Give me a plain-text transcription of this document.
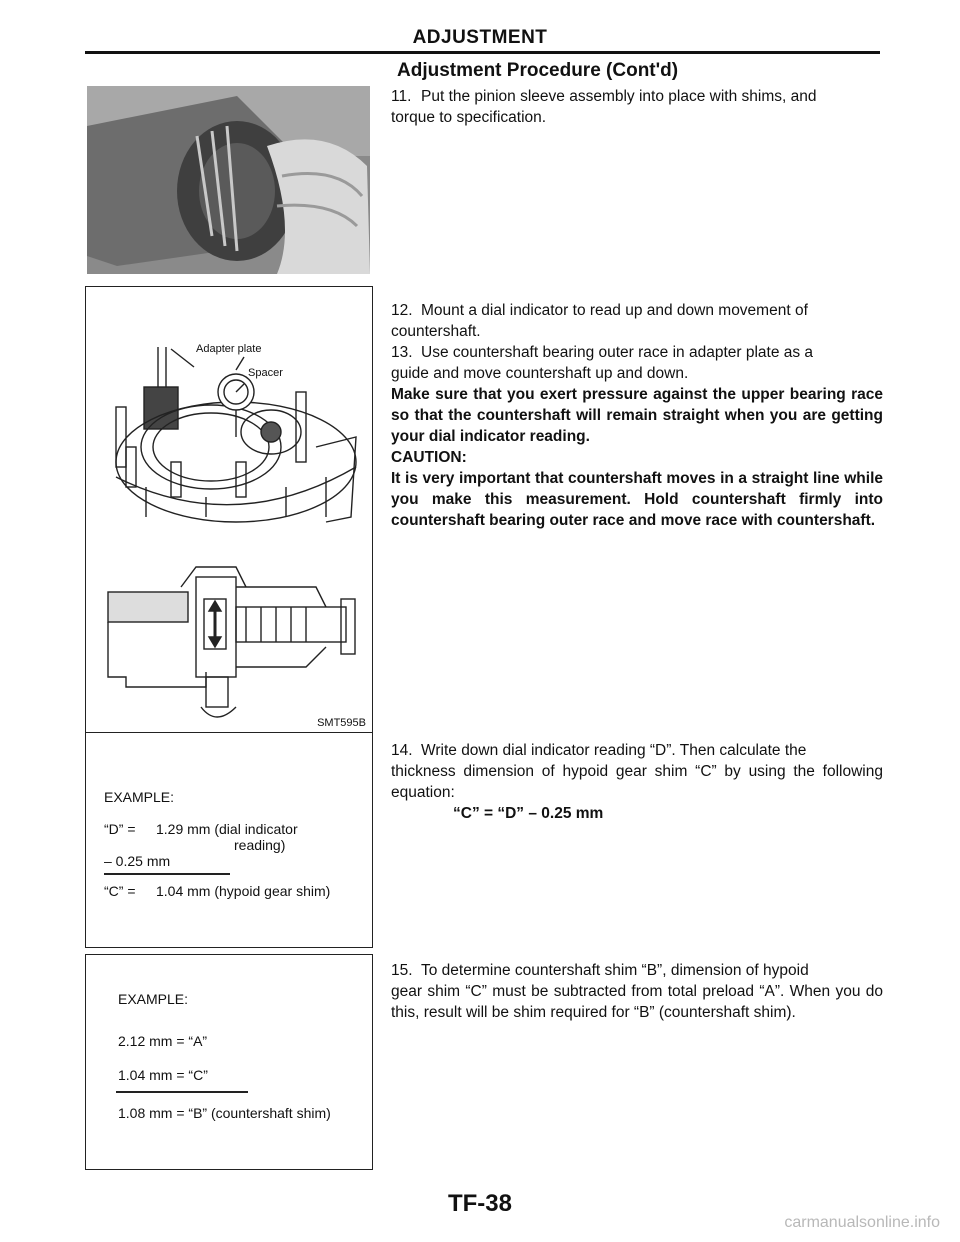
ADJUSTMENT
Adjustment Procedure (Cont'd)
11. Put the pinion sleeve assembly into place with shims, and
torque to specification.
12. Mount a dial indicator to read up and down movement of
countershaft.
13. Use countershaft bearing outer race in adapter plate as a
guide and move countershaft up and down.
Make sure that you exert pressure against the upper bearing race so that the countershaft will remain straight when you are getting your dial indicator reading.
CAUTION:
It is very important that countershaft moves in a straight line while you make this measurement. Hold countershaft firmly into countershaft bearing outer race and move race with countershaft.
Adapter plate
Spacer
SMT595B
14. Write down dial indicator reading “D”. Then calculate the
thickness dimension of hypoid gear shim “C” by using the following equation:
“C” = “D” – 0.25 mm
EXAMPLE:
“D” = 1.29 mm (dial indicator
reading)
– 0.25 mm
“C” = 1.04 mm (hypoid gear shim)
15. To determine countershaft shim “B”, dimension of hypoid
gear shim “C” must be subtracted from total preload “A”. When you do this, result will be shim required for “B” (countershaft shim).
EXAMPLE:
2.12 mm = “A”
1.04 mm = “C”
1.08 mm = “B” (countershaft shim)
TF-38
carmanualsonline.info
